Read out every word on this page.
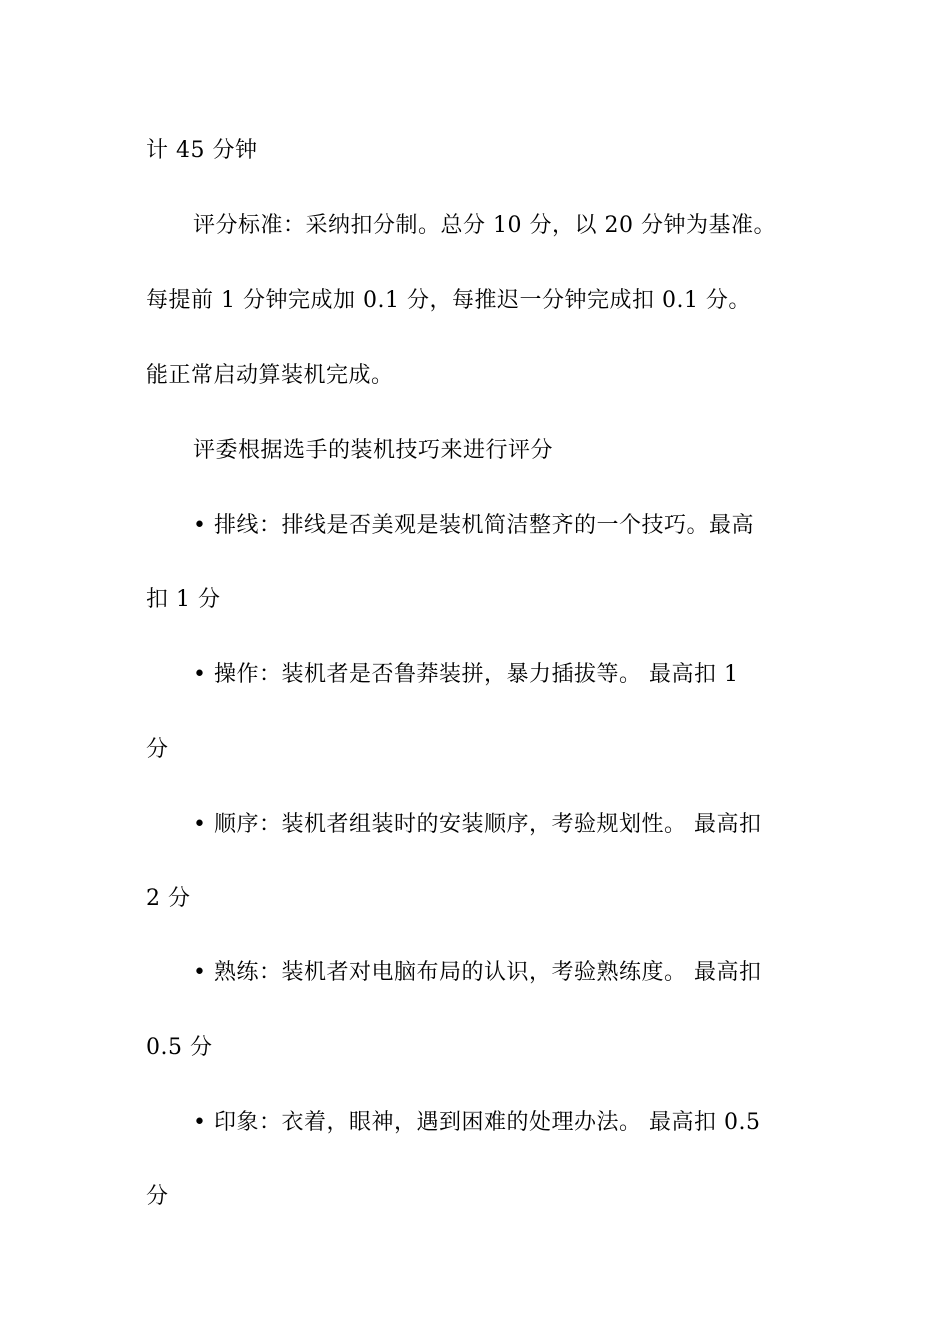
计 45 分钟
评分标准：采纳扣分制。总分 10 分，以 20 分钟为基准。
每提前 1 分钟完成加 0.1 分，每推迟一分钟完成扣 0.1 分。
能正常启动算装机完成。
评委根据选手的装机技巧来进行评分
• 排线：排线是否美观是装机简洁整齐的一个技巧。最高
扣 1 分
• 操作：装机者是否鲁莽装拼，暴力插拔等。 最高扣 1
分
• 顺序：装机者组装时的安装顺序，考验规划性。 最高扣
2 分
• 熟练：装机者对电脑布局的认识，考验熟练度。 最高扣
0.5 分
• 印象：衣着，眼神，遇到困难的处理办法。 最高扣 0.5
分
